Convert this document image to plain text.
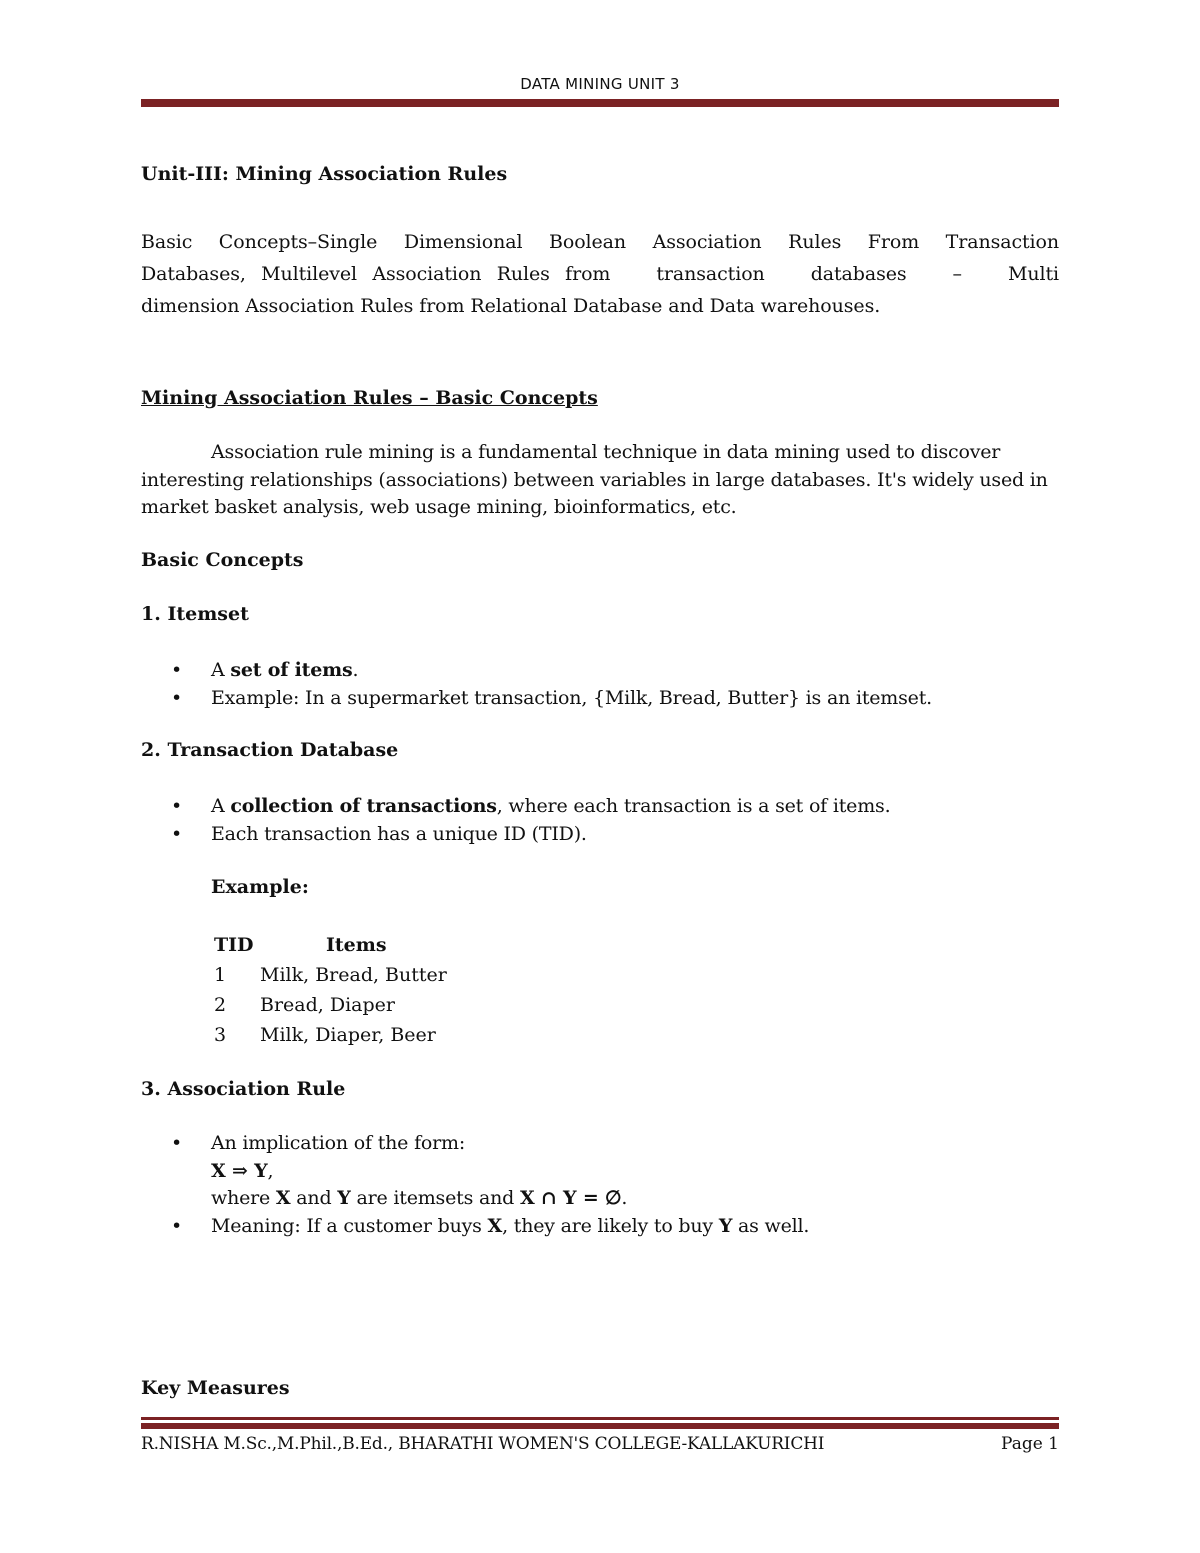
DATA MINING UNIT 3
Unit-III: Mining Association Rules
Basic Concepts–Single Dimensional Boolean Association Rules From Transaction
Databases, Multilevel Association Rules from   transaction   databases   –   Multi
dimension Association Rules from Relational Database and Data warehouses.
Mining Association Rules – Basic Concepts
Association rule mining is a fundamental technique in data mining used to discover interesting relationships (associations) between variables in large databases. It's widely used in market basket analysis, web usage mining, bioinformatics, etc.
Basic Concepts
1. Itemset
• A set of items.
• Example: In a supermarket transaction, {Milk, Bread, Butter} is an itemset.
2. Transaction Database
• A collection of transactions, where each transaction is a set of items.
• Each transaction has a unique ID (TID).
Example:
TID	Items
1 Milk, Bread, Butter
2 Bread, Diaper
3 Milk, Diaper, Beer
3. Association Rule
• An implication of the form:
X ⇒ Y,
where X and Y are itemsets and X ∩ Y = ∅.
• Meaning: If a customer buys X, they are likely to buy Y as well.
Key Measures
R.NISHA M.Sc.,M.Phil.,B.Ed., BHARATHI WOMEN'S COLLEGE-KALLAKURICHI	Page 1
